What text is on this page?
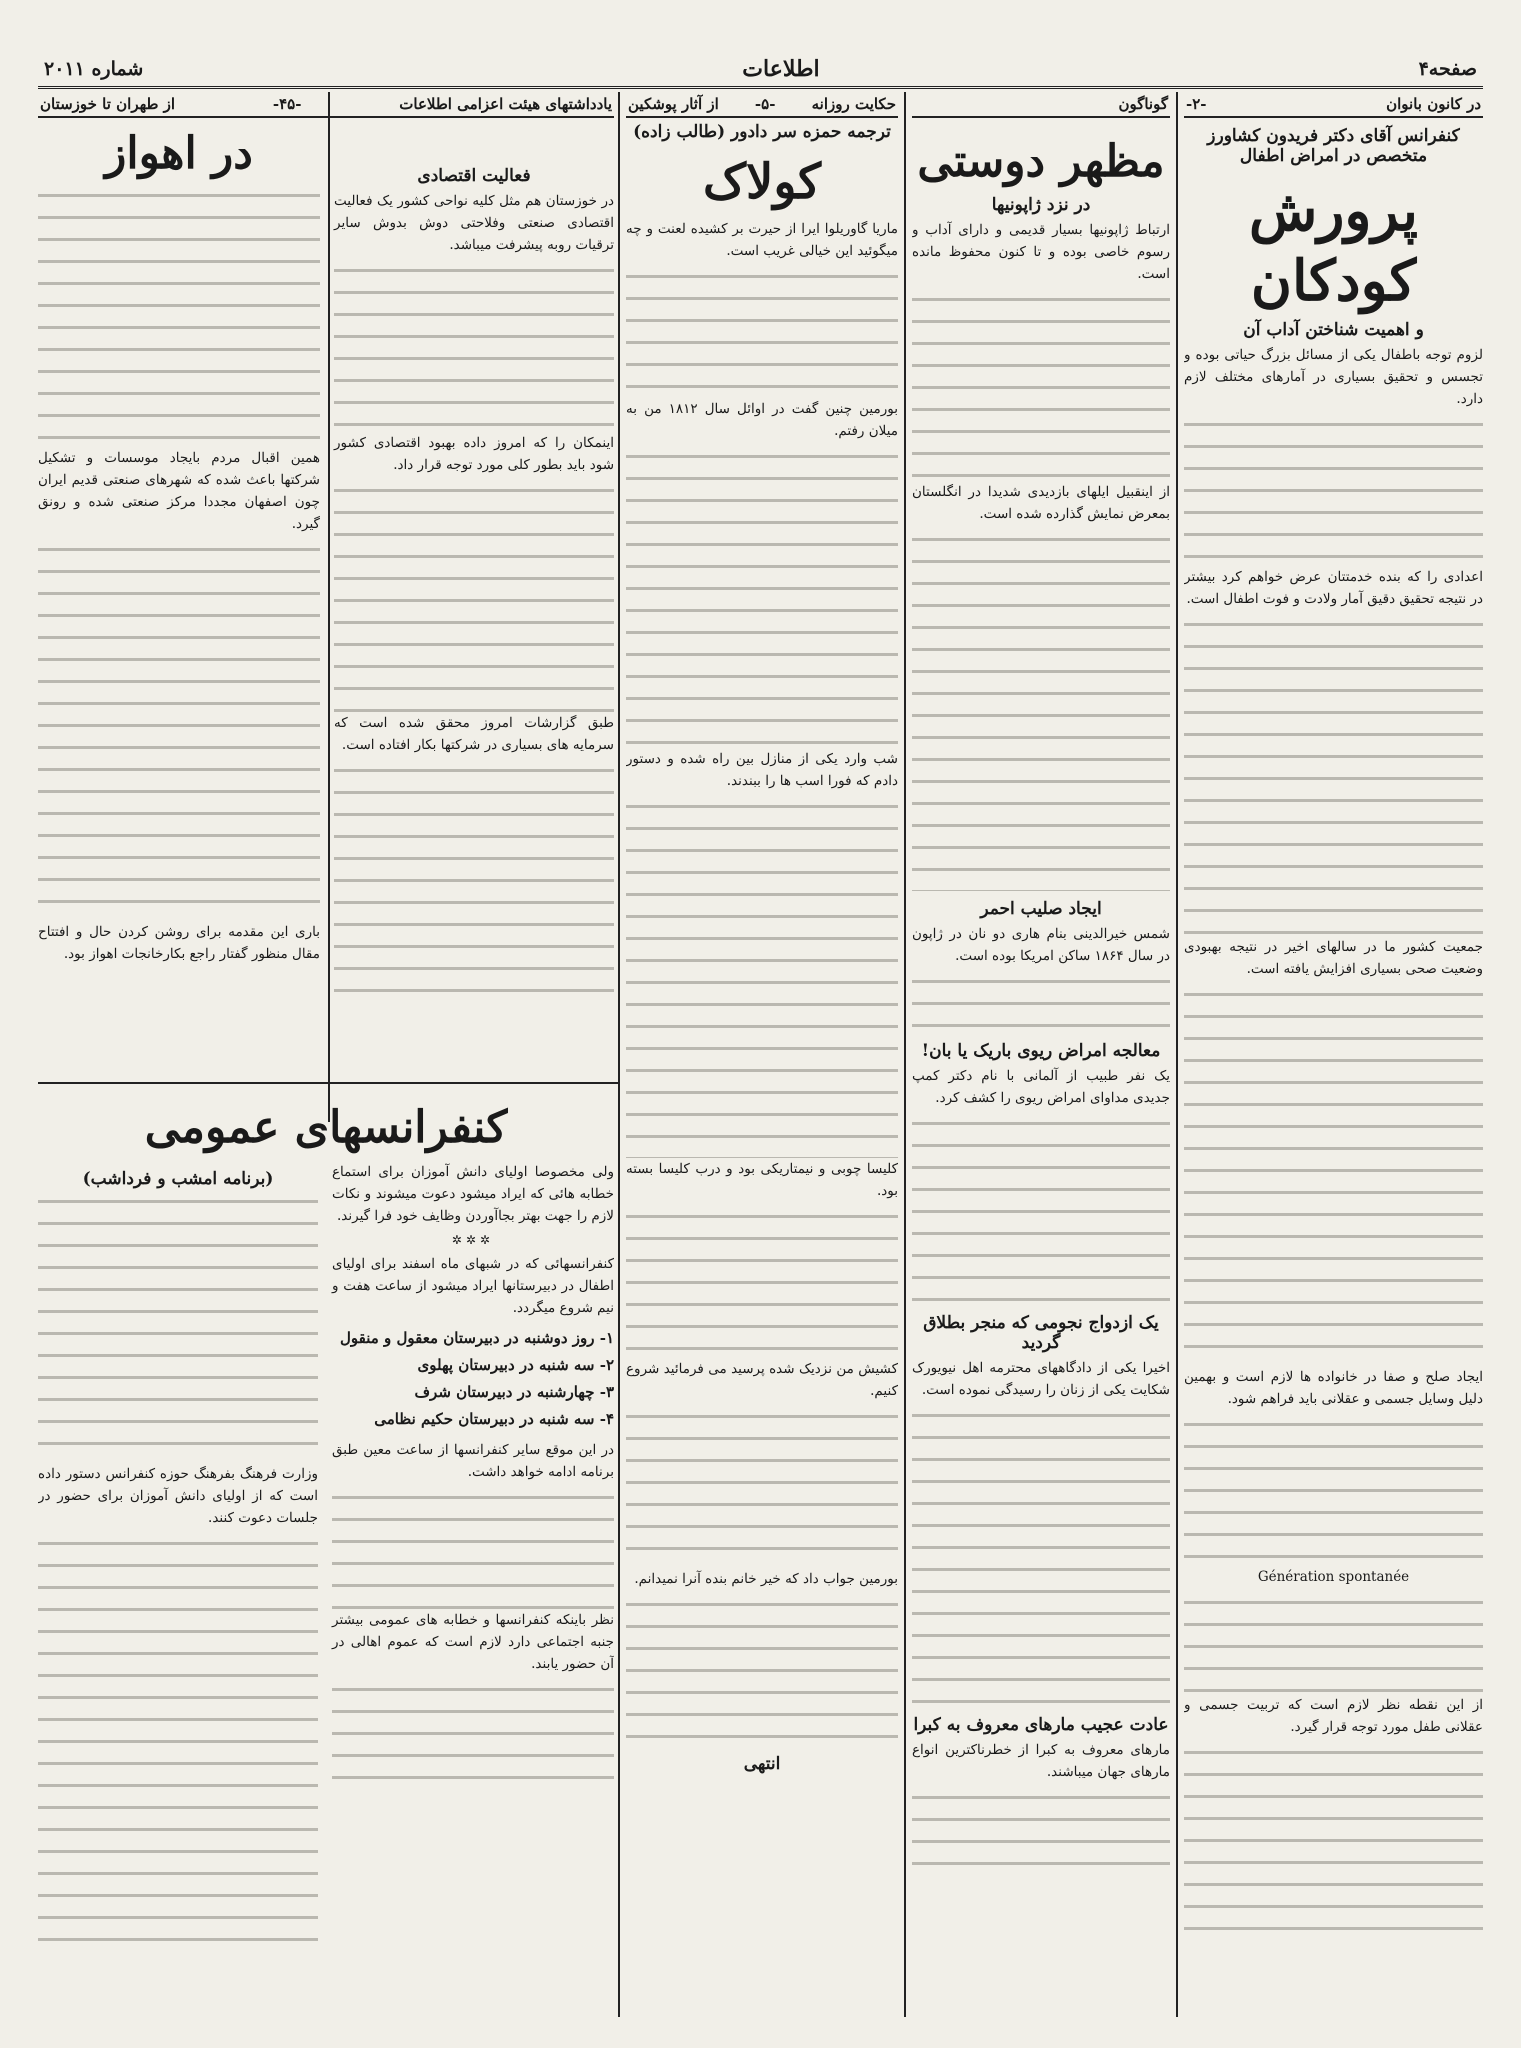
صفحه۴
اطلاعات
شماره ۲۰۱۱
در کانون بانوان
-۲-
کنفرانس آقای دکتر فریدون کشاورز متخصص در امراض اطفال
پرورش کودکان
و اهمیت شناختن آداب آن

لزوم توجه باطفال یکی از مسائل بزرگ حیاتی بوده و تجسس و تحقیق بسیاری در آمارهای مختلف لازم دارد.

اعدادی را که بنده خدمتتان عرض خواهم کرد بیشتر در نتیجه تحقیق دقیق آمار ولادت و فوت اطفال است.

جمعیت کشور ما در سالهای اخیر در نتیجه بهبودی وضعیت صحی بسیاری افزایش یافته است.

ایجاد صلح و صفا در خانواده ها لازم است و بهمین دلیل وسایل جسمی و عقلانی باید فراهم شود.

Génération spontanée

از این نقطه نظر لازم است که تربیت جسمی و عقلانی طفل مورد توجه قرار گیرد.

گوناگون
مظهر دوستی
در نزد ژاپونیها

ارتباط ژاپونیها بسیار قدیمی و دارای آداب و رسوم خاصی بوده و تا کنون محفوظ مانده است.

از اینقبیل ایلهای بازدیدی شدیدا در انگلستان بمعرض نمایش گذارده شده است.

ایجاد صلیب احمر

شمس خیرالدینی بنام هاری دو نان در ژاپون در سال ۱۸۶۴ ساکن امریکا بوده است.

معالجه امراض ریوی باریک یا بان!

یک نفر طبیب از آلمانی با نام دکتر کمپ جدیدی مداوای امراض ریوی را کشف کرد.

یک ازدواج نجومی که منجر بطلاق گردید

اخیرا یکی از دادگاههای محترمه اهل نیویورک شکایت یکی از زنان را رسیدگی نموده است.

عادت عجیب مارهای معروف به کبرا

مارهای معروف به کبرا از خطرناکترین انواع مارهای جهان میباشند.

حکایت روزانه
-۵-
از آثار پوشکین
ترجمه حمزه سر دادور (طالب زاده)
کولاک

ماریا گاوریلوا ایرا از حیرت بر کشیده لعنت و چه میگوئید این خیالی غریب است.

بورمین چنین گفت در اوائل سال ۱۸۱۲ من به میلان رفتم.

شب وارد یکی از منازل بین راه شده و دستور دادم که فورا اسب ها را ببندند.

کلیسا چوبی و نیمتاریکی بود و درب کلیسا بسته بود.

کشیش من نزدیک شده پرسید می فرمائید شروع کنیم.

بورمین جواب داد که خیر خانم بنده آنرا نمیدانم.

انتهی
یادداشتهای هیئت اعزامی اطلاعات
-۴۵-
از طهران تا خوزستان
فعالیت اقتصادی

در خوزستان هم مثل کلیه نواحی کشور یک فعالیت اقتصادی صنعتی وفلاحتی دوش بدوش سایر ترقیات روبه پیشرفت میباشد.

اینمکان را که امروز داده بهبود اقتصادی کشور شود باید بطور کلی مورد توجه قرار داد.

طبق گزارشات امروز محقق شده است که سرمایه های بسیاری در شرکتها بکار افتاده است.

در اهواز

همین اقبال مردم بایجاد موسسات و تشکیل شرکتها باعث شده که شهرهای صنعتی قدیم ایران چون اصفهان مجددا مرکز صنعتی شده و رونق گیرد.

باری این مقدمه برای روشن کردن حال و افتتاح مقال منظور گفتار راجع بکارخانجات اهواز بود.

کنفرانسهای عمومی

ولی مخصوصا اولیای دانش آموزان برای استماع خطابه هائی که ایراد میشود دعوت میشوند و نکات لازم را جهت بهتر بجاآوردن وظایف خود فرا گیرند.

✲✲✲

کنفرانسهائی که در شبهای ماه اسفند برای اولیای اطفال در دبیرستانها ایراد میشود از ساعت هفت و نیم شروع میگردد.

۱- روز دوشنبه در دبیرستان معقول و منقول
۲- سه شنبه در دبیرستان پهلوی
۳- چهارشنبه در دبیرستان شرف
۴- سه شنبه در دبیرستان حکیم نظامی

در این موقع سایر کنفرانسها از ساعت معین طبق برنامه ادامه خواهد داشت.

نظر باینکه کنفرانسها و خطابه های عمومی بیشتر جنبه اجتماعی دارد لازم است که عموم اهالی در آن حضور یابند.

(برنامه امشب و فرداشب)

وزارت فرهنگ بفرهنگ حوزه کنفرانس دستور داده است که از اولیای دانش آموزان برای حضور در جلسات دعوت کنند.
